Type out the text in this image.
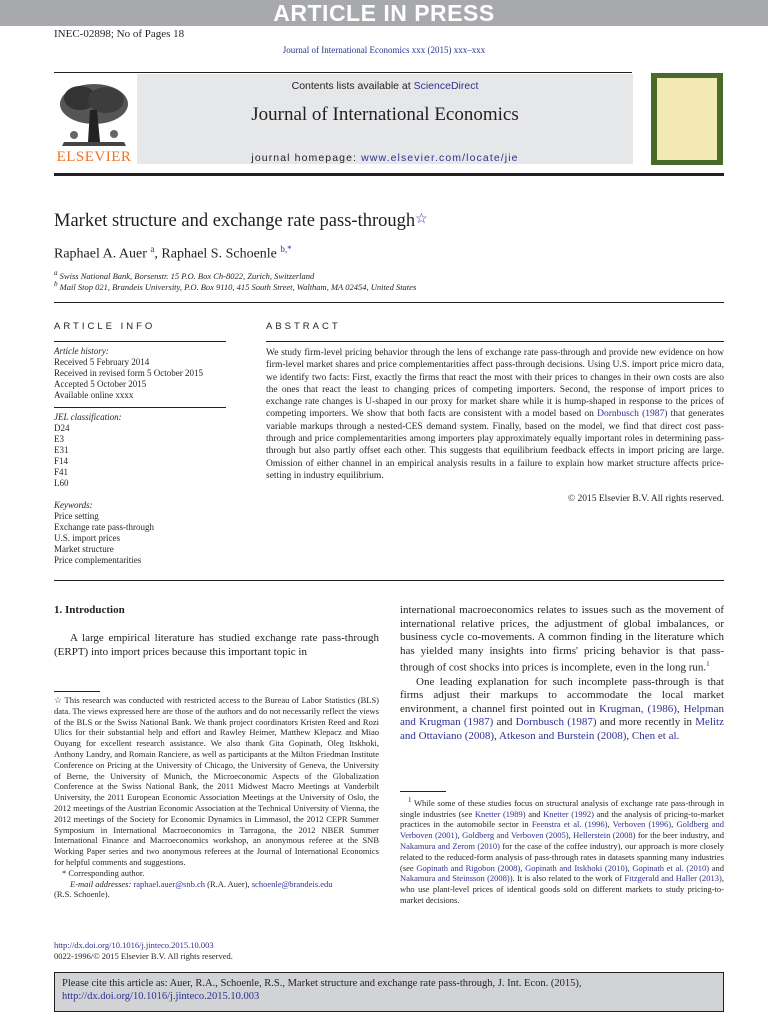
ARTICLE IN PRESS
INEC-02898; No of Pages 18
Journal of International Economics xxx (2015) xxx–xxx
Contents lists available at ScienceDirect
Journal of International Economics
journal homepage: www.elsevier.com/locate/jie
ELSEVIER
Market structure and exchange rate pass-through☆
Raphael A. Auer $^a$, Raphael S. Schoenle $^{b,*}$
$^a$ Swiss National Bank, Borsenstr. 15 P.O. Box Ch-8022, Zurich, Switzerland
$^b$ Mail Stop 021, Brandeis University, P.O. Box 9110, 415 South Street, Waltham, MA 02454, United States
ARTICLE INFO
Article history:
Received 5 February 2014
Received in revised form 5 October 2015
Accepted 5 October 2015
Available online xxxx
JEL classification:
D24
E3
E31
F14
F41
L60
Keywords:
Price setting
Exchange rate pass-through
U.S. import prices
Market structure
Price complementarities
ABSTRACT
We study firm-level pricing behavior through the lens of exchange rate pass-through and provide new evidence on how firm-level market shares and price complementarities affect pass-through decisions. Using U.S. import price micro data, we identify two facts: First, exactly the firms that react the most with their prices to changes in their own costs are also the ones that react the least to changing prices of competing importers. Second, the response of import prices to exchange rate changes is U-shaped in our proxy for market share while it is hump-shaped in response to the prices of competing importers. We show that both facts are consistent with a model based on Dornbusch (1987) that generates variable markups through a nested-CES demand system. Finally, based on the model, we find that direct cost pass-through and price complementarities among importers play approximately equally important roles in determining pass-through but also partly offset each other. This suggests that equilibrium feedback effects in import pricing are large. Omission of either channel in an empirical analysis results in a failure to explain how market structure affects price-setting in industry equilibrium.
© 2015 Elsevier B.V. All rights reserved.
1. Introduction
A large empirical literature has studied exchange rate pass-through (ERPT) into import prices because this important topic in

☆ This research was conducted with restricted access to the Bureau of Labor Statistics (BLS) data. The views expressed here are those of the authors and do not necessarily reflect the views of the BLS or the Swiss National Bank. We thank project coordinators Kristen Reed and Rozi Ulics for their substantial help and effort and Rawley Heimer, Matthew Klepacz and Miao Ouyang for excellent research assistance. We also thank Gita Gopinath, Oleg Itskhoki, Anthony Landry, and Romain Ranciere, as well as participants at the Milton Friedman Institute Conference on Pricing at the University of Chicago, the University of Geneva, the University of Berne, the University of Munich, the Microeconomic Aspects of the Globalization Conference at the Swiss National Bank, the 2011 Midwest Macro Meetings at Vanderbilt University, the 2011 European Economic Association Meetings at the University of Oslo, the 2012 meetings of the Austrian Economic Association at the Technical University of Vienna, the 2012 meetings of the Society for Economic Dynamics in Limmasol, the 2012 CEPR Summer Symposium in International Macroeconomics in Tarragona, the 2012 NBER Summer International Finance and Macroeconomics workshop, an anonymous referee at the SNB Working Paper series and two anonymous referees at the Journal of International Economics for helpful comments and suggestions.

* Corresponding author.

E-mail addresses: raphael.auer@snb.ch (R.A. Auer), schoenle@brandeis.edu

(R.S. Schoenle).

international macroeconomics relates to issues such as the movement of international relative prices, the adjustment of global imbalances, or business cycle co-movements. A common finding in the literature which has yielded many insights into firms' pricing behavior is that pass-through of cost shocks into prices is incomplete, even in the long run.$^1$

One leading explanation for such incomplete pass-through is that firms adjust their markups to accommodate the local market environment, a channel first pointed out in Krugman, (1986), Helpman and Krugman (1987) and Dornbusch (1987) and more recently in Melitz and Ottaviano (2008), Atkeson and Burstein (2008), Chen et al.

$^1$ While some of these studies focus on structural analysis of exchange rate pass-through in single industries (see Knetter (1989) and Knetter (1992) and the analysis of pricing-to-market practices in the automobile sector in Feenstra et al. (1996), Verboven (1996), Goldberg and Verboven (2001), Goldberg and Verboven (2005), Hellerstein (2008) for the beer industry, and Nakamura and Zerom (2010) for the case of the coffee industry), our approach is more closely related to the reduced-form analysis of pass-through rates in datasets spanning many industries (see Gopinath and Rigobon (2008), Gopinath and Itskhoki (2010), Gopinath et al. (2010) and Nakamura and Steinsson (2008)). It is also related to the work of Fitzgerald and Haller (2013), who use plant-level prices of identical goods sold on different markets to study pricing-to-market decisions.

http://dx.doi.org/10.1016/j.jinteco.2015.10.003
0022-1996/© 2015 Elsevier B.V. All rights reserved.
Please cite this article as: Auer, R.A., Schoenle, R.S., Market structure and exchange rate pass-through, J. Int. Econ. (2015), http://dx.doi.org/10.1016/j.jinteco.2015.10.003
